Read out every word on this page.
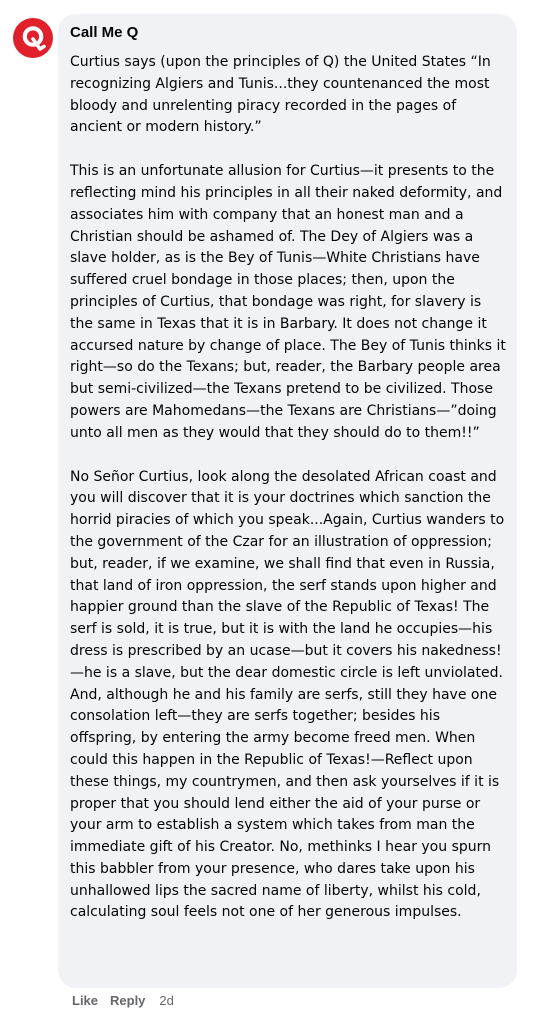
Call Me Q

Curtius says (upon the principles of Q) the United States “In recognizing Algiers and Tunis...they countenanced the most bloody and unrelenting piracy recorded in the pages of ancient or modern history.”

This is an unfortunate allusion for Curtius—it presents to the reflecting mind his principles in all their naked deformity, and associates him with company that an honest man and a Christian should be ashamed of. The Dey of Algiers was a slave holder, as is the Bey of Tunis—White Christians have suffered cruel bondage in those places; then, upon the principles of Curtius, that bondage was right, for slavery is the same in Texas that it is in Barbary. It does not change it accursed nature by change of place. The Bey of Tunis thinks it right—so do the Texans; but, reader, the Barbary people area but semi-civilized—the Texans pretend to be civilized. Those powers are Mahomedans—the Texans are Christians—”doing unto all men as they would that they should do to them!!”

No Señor Curtius, look along the desolated African coast and you will discover that it is your doctrines which sanction the horrid piracies of which you speak...Again, Curtius wanders to the government of the Czar for an illustration of oppression; but, reader, if we examine, we shall find that even in Russia, that land of iron oppression, the serf stands upon higher and happier ground than the slave of the Republic of Texas! The serf is sold, it is true, but it is with the land he occupies—his dress is prescribed by an ucase—but it covers his nakedness!—he is a slave, but the dear domestic circle is left unviolated. And, although he and his family are serfs, still they have one consolation left—they are serfs together; besides his offspring, by entering the army become freed men. When could this happen in the Republic of Texas!—Reflect upon these things, my countrymen, and then ask yourselves if it is proper that you should lend either the aid of your purse or your arm to establish a system which takes from man the immediate gift of his Creator. No, methinks I hear you spurn this babbler from your presence, who dares take upon his unhallowed lips the sacred name of liberty, whilst his cold, calculating soul feels not one of her generous impulses.

Like Reply 2d
